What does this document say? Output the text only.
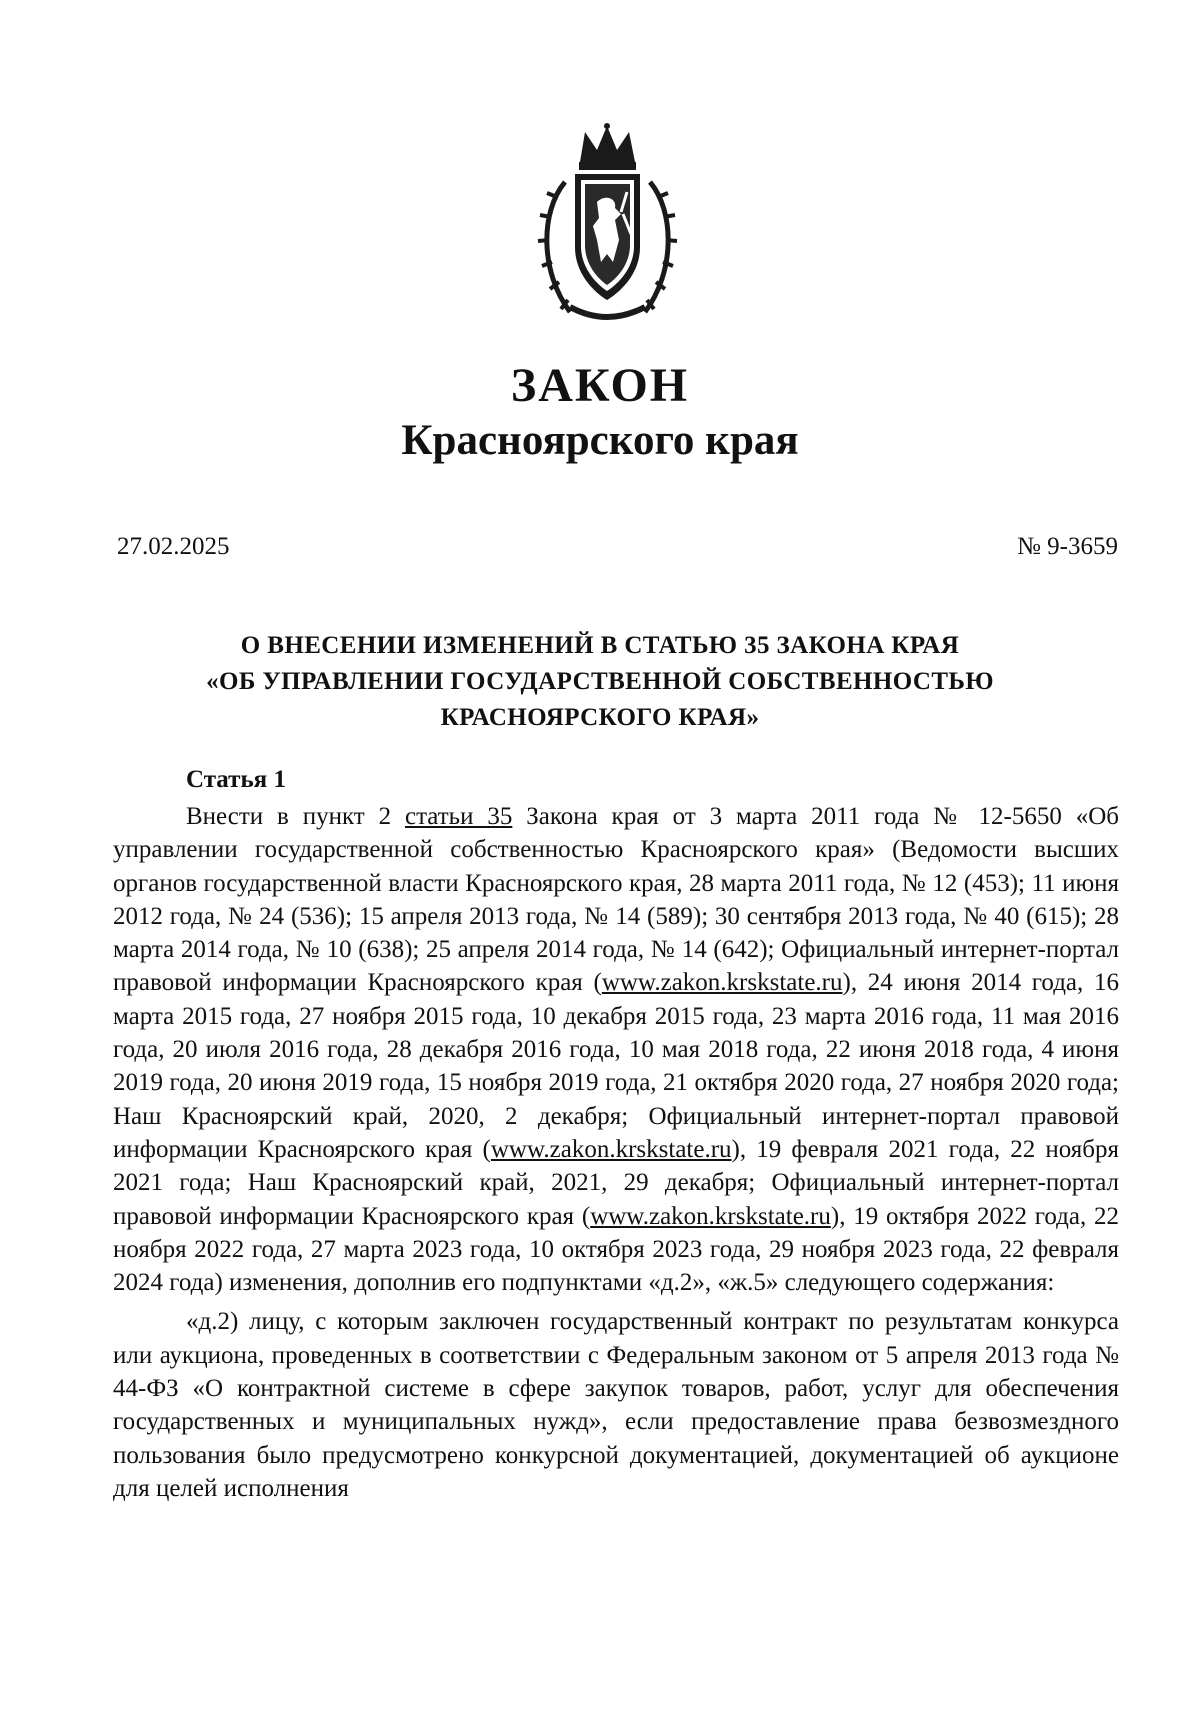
ЗАКОН
Красноярского края
27.02.2025	№ 9-3659
О ВНЕСЕНИИ ИЗМЕНЕНИЙ В СТАТЬЮ 35 ЗАКОНА КРАЯ
«ОБ УПРАВЛЕНИИ ГОСУДАРСТВЕННОЙ СОБСТВЕННОСТЬЮ
КРАСНОЯРСКОГО КРАЯ»
Статья 1

Внести в пункт 2 статьи 35 Закона края от 3 марта 2011 года № 12-5650 «Об управлении государственной собственностью Красноярского края» (Ведомости высших органов государственной власти Красноярского края, 28 марта 2011 года, № 12 (453); 11 июня 2012 года, № 24 (536); 15 апреля 2013 года, № 14 (589); 30 сентября 2013 года, № 40 (615); 28 марта 2014 года, № 10 (638); 25 апреля 2014 года, № 14 (642); Официальный интернет-портал правовой информации Красноярского края (www.zakon.krskstate.ru), 24 июня 2014 года, 16 марта 2015 года, 27 ноября 2015 года, 10 декабря 2015 года, 23 марта 2016 года, 11 мая 2016 года, 20 июля 2016 года, 28 декабря 2016 года, 10 мая 2018 года, 22 июня 2018 года, 4 июня 2019 года, 20 июня 2019 года, 15 ноября 2019 года, 21 октября 2020 года, 27 ноября 2020 года; Наш Красноярский край, 2020, 2 декабря; Официальный интернет-портал правовой информации Красноярского края (www.zakon.krskstate.ru), 19 февраля 2021 года, 22 ноября 2021 года; Наш Красноярский край, 2021, 29 декабря; Официальный интернет-портал правовой информации Красноярского края (www.zakon.krskstate.ru), 19 октября 2022 года, 22 ноября 2022 года, 27 марта 2023 года, 10 октября 2023 года, 29 ноября 2023 года, 22 февраля 2024 года) изменения, дополнив его подпунктами «д.2», «ж.5» следующего содержания:

«д.2) лицу, с которым заключен государственный контракт по результатам конкурса или аукциона, проведенных в соответствии с Федеральным законом от 5 апреля 2013 года № 44-ФЗ «О контрактной системе в сфере закупок товаров, работ, услуг для обеспечения государственных и муниципальных нужд», если предоставление права безвозмездного пользования было предусмотрено конкурсной документацией, документацией об аукционе для целей исполнения
